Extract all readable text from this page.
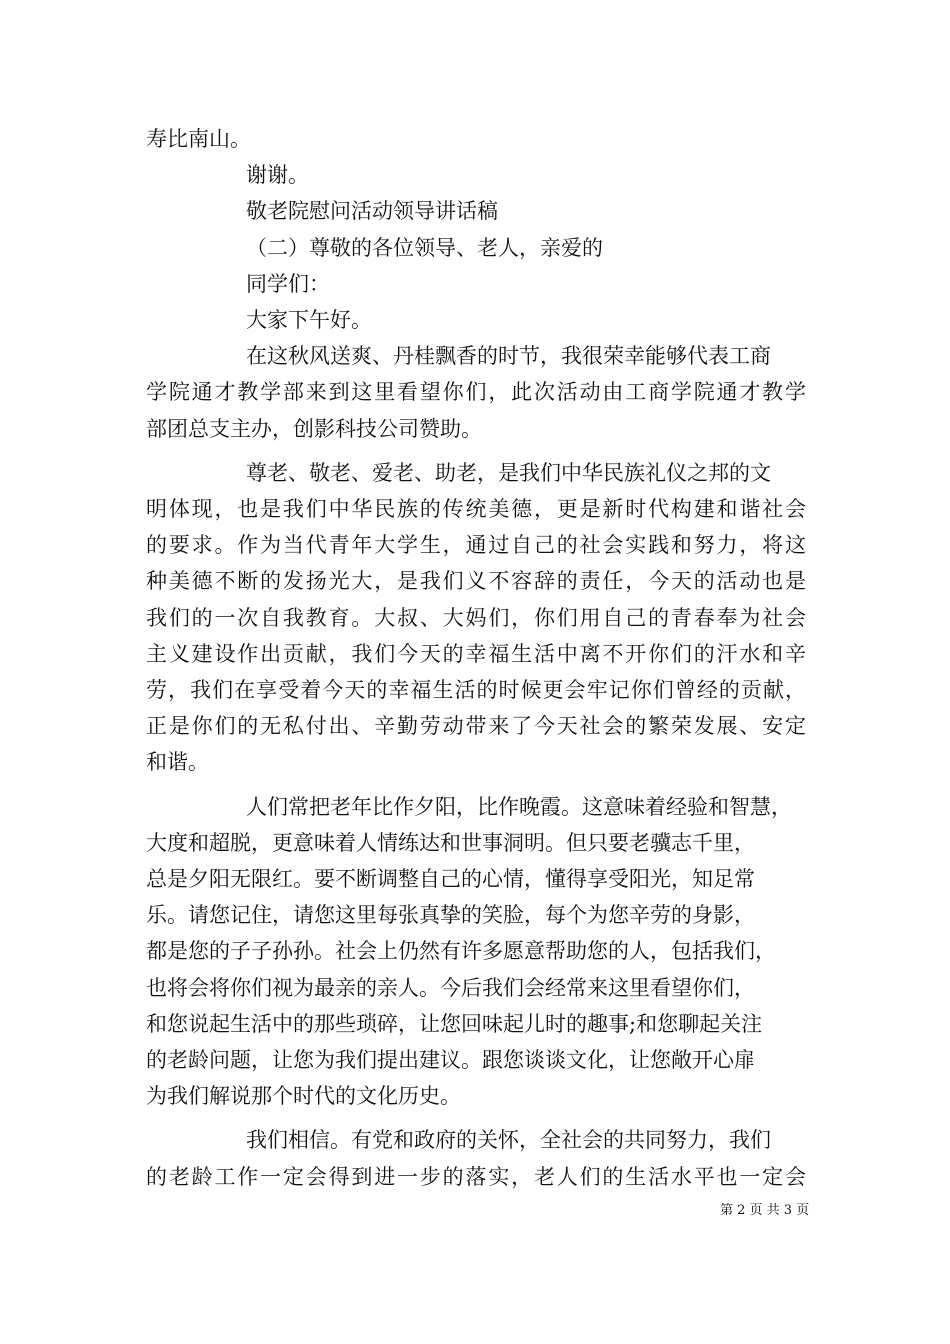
寿比南山。
谢谢。
敬老院慰问活动领导讲话稿
（二）尊敬的各位领导、老人，亲爱的
同学们：
大家下午好。
在这秋风送爽、丹桂飘香的时节，我很荣幸能够代表工商
学院通才教学部来到这里看望你们，此次活动由工商学院通才教学
部团总支主办，创影科技公司赞助。
尊老、敬老、爱老、助老，是我们中华民族礼仪之邦的文
明体现，也是我们中华民族的传统美德，更是新时代构建和谐社会
的要求。作为当代青年大学生，通过自己的社会实践和努力，将这
种美德不断的发扬光大，是我们义不容辞的责任，今天的活动也是
我们的一次自我教育。大叔、大妈们，你们用自己的青春奉为社会
主义建设作出贡献，我们今天的幸福生活中离不开你们的汗水和辛
劳，我们在享受着今天的幸福生活的时候更会牢记你们曾经的贡献，
正是你们的无私付出、辛勤劳动带来了今天社会的繁荣发展、安定
和谐。
人们常把老年比作夕阳，比作晚霞。这意味着经验和智慧，
大度和超脱，更意味着人情练达和世事洞明。但只要老骥志千里，
总是夕阳无限红。要不断调整自己的心情，懂得享受阳光，知足常
乐。请您记住，请您这里每张真挚的笑脸，每个为您辛劳的身影，
都是您的子子孙孙。社会上仍然有许多愿意帮助您的人，包括我们，
也将会将你们视为最亲的亲人。今后我们会经常来这里看望你们，
和您说起生活中的那些琐碎，让您回味起儿时的趣事;和您聊起关注
的老龄问题，让您为我们提出建议。跟您谈谈文化，让您敞开心扉
为我们解说那个时代的文化历史。
我们相信。有党和政府的关怀，全社会的共同努力，我们
的老龄工作一定会得到进一步的落实，老人们的生活水平也一定会
第 2 页 共 3 页
